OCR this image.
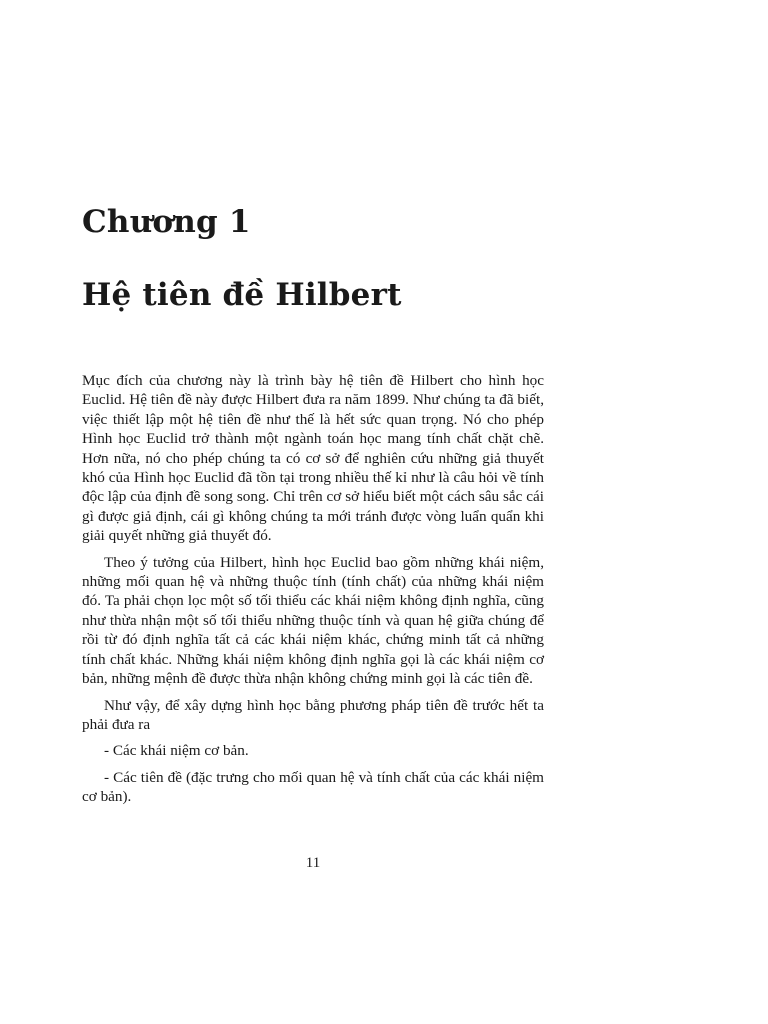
Chương 1
Hệ tiên đề Hilbert

Mục đích của chương này là trình bày hệ tiên đề Hilbert cho hình học Euclid. Hệ tiên đề này được Hilbert đưa ra năm 1899. Như chúng ta đã biết, việc thiết lập một hệ tiên đề như thế là hết sức quan trọng. Nó cho phép Hình học Euclid trở thành một ngành toán học mang tính chất chặt chẽ. Hơn nữa, nó cho phép chúng ta có cơ sở để nghiên cứu những giả thuyết khó của Hình học Euclid đã tồn tại trong nhiều thế kỉ như là câu hỏi về tính độc lập của định đề song song. Chỉ trên cơ sở hiểu biết một cách sâu sắc cái gì được giả định, cái gì không chúng ta mới tránh được vòng luẩn quẩn khi giải quyết những giả thuyết đó.

Theo ý tưởng của Hilbert, hình học Euclid bao gồm những khái niệm, những mối quan hệ và những thuộc tính (tính chất) của những khái niệm đó. Ta phải chọn lọc một số tối thiểu các khái niệm không định nghĩa, cũng như thừa nhận một số tối thiểu những thuộc tính và quan hệ giữa chúng để rồi từ đó định nghĩa tất cả các khái niệm khác, chứng minh tất cả những tính chất khác. Những khái niệm không định nghĩa gọi là các khái niệm cơ bản, những mệnh đề được thừa nhận không chứng minh gọi là các tiên đề.

Như vậy, để xây dựng hình học bằng phương pháp tiên đề trước hết ta phải đưa ra

- Các khái niệm cơ bản.

- Các tiên đề (đặc trưng cho mối quan hệ và tính chất của các khái niệm cơ bản).

11
